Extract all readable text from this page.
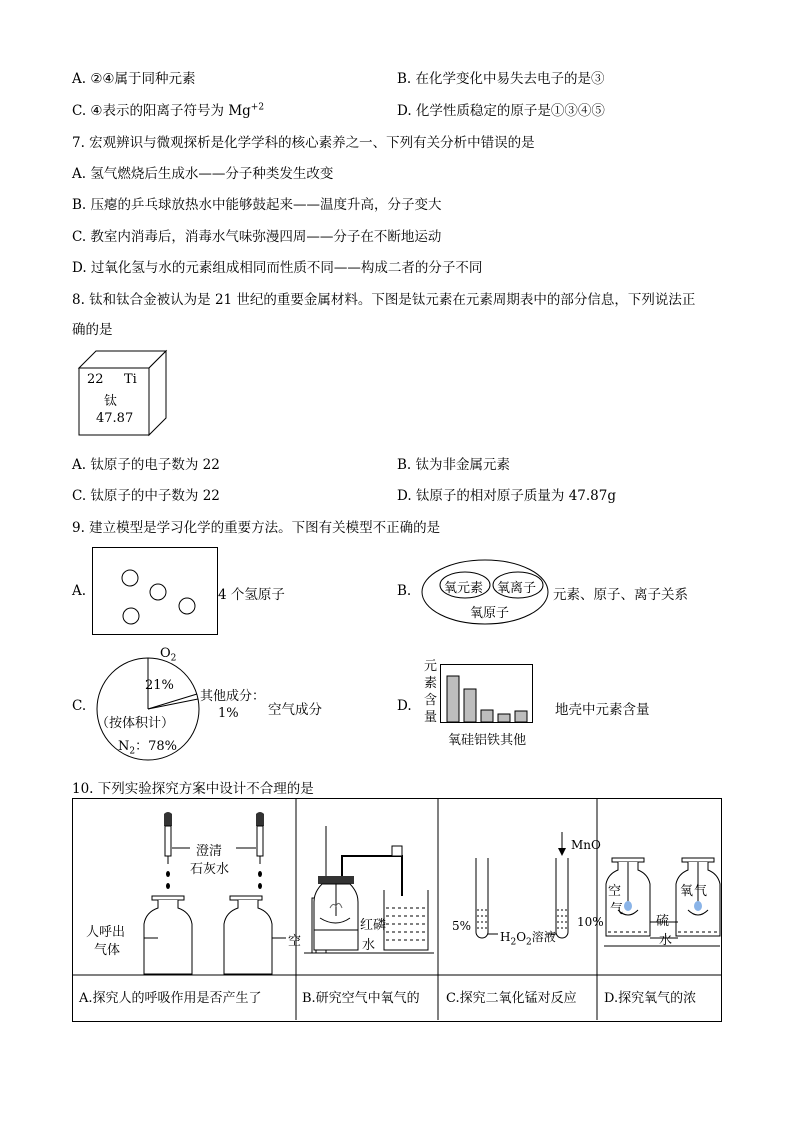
A. ②④属于同种元素	B. 在化学变化中易失去电子的是③
C. ④表示的阳离子符号为 $Mg^{+2}$	D. 化学性质稳定的原子是①③④⑤
7. 宏观辨识与微观探析是化学学科的核心素养之一、下列有关分析中错误的是
A. 氢气燃烧后生成水——分子种类发生改变
B. 压瘪的乒乓球放热水中能够鼓起来——温度升高，分子变大
C. 教室内消毒后，消毒水气味弥漫四周——分子在不断地运动
D. 过氧化氢与水的元素组成相同而性质不同——构成二者的分子不同
8. 钛和钛合金被认为是 21 世纪的重要金属材料。下图是钛元素在元素周期表中的部分信息，下列说法正
确的是
22 Ti
钛
47.87
A. 钛原子的电子数为 22	B. 钛为非金属元素
C. 钛原子的中子数为 22	D. 钛原子的相对原子质量为 47.87g
9. 建立模型是学习化学的重要方法。下图有关模型不正确的是
A.	4 个氢原子	B.	氧元素 氧离子
氧原子
元素、原子、离子关系
C.
$O_2$
21%
其他成分：
1%
（按体积计）
$N_2$：78%
空气成分	D.
元
素
含
量
氧硅铝铁其他
地壳中元素含量
10. 下列实验探究方案中设计不合理的是
澄清
石灰水
人呼出
气体
空
红磷
水
MnO
5%
$H_2O_2$溶液
10%
空
气
氧 气
硫
水
A.探究人的呼吸作用是否产生了	B.研究空气中氧气的	C.探究二氧化锰对反应	D.探究氧气的浓
